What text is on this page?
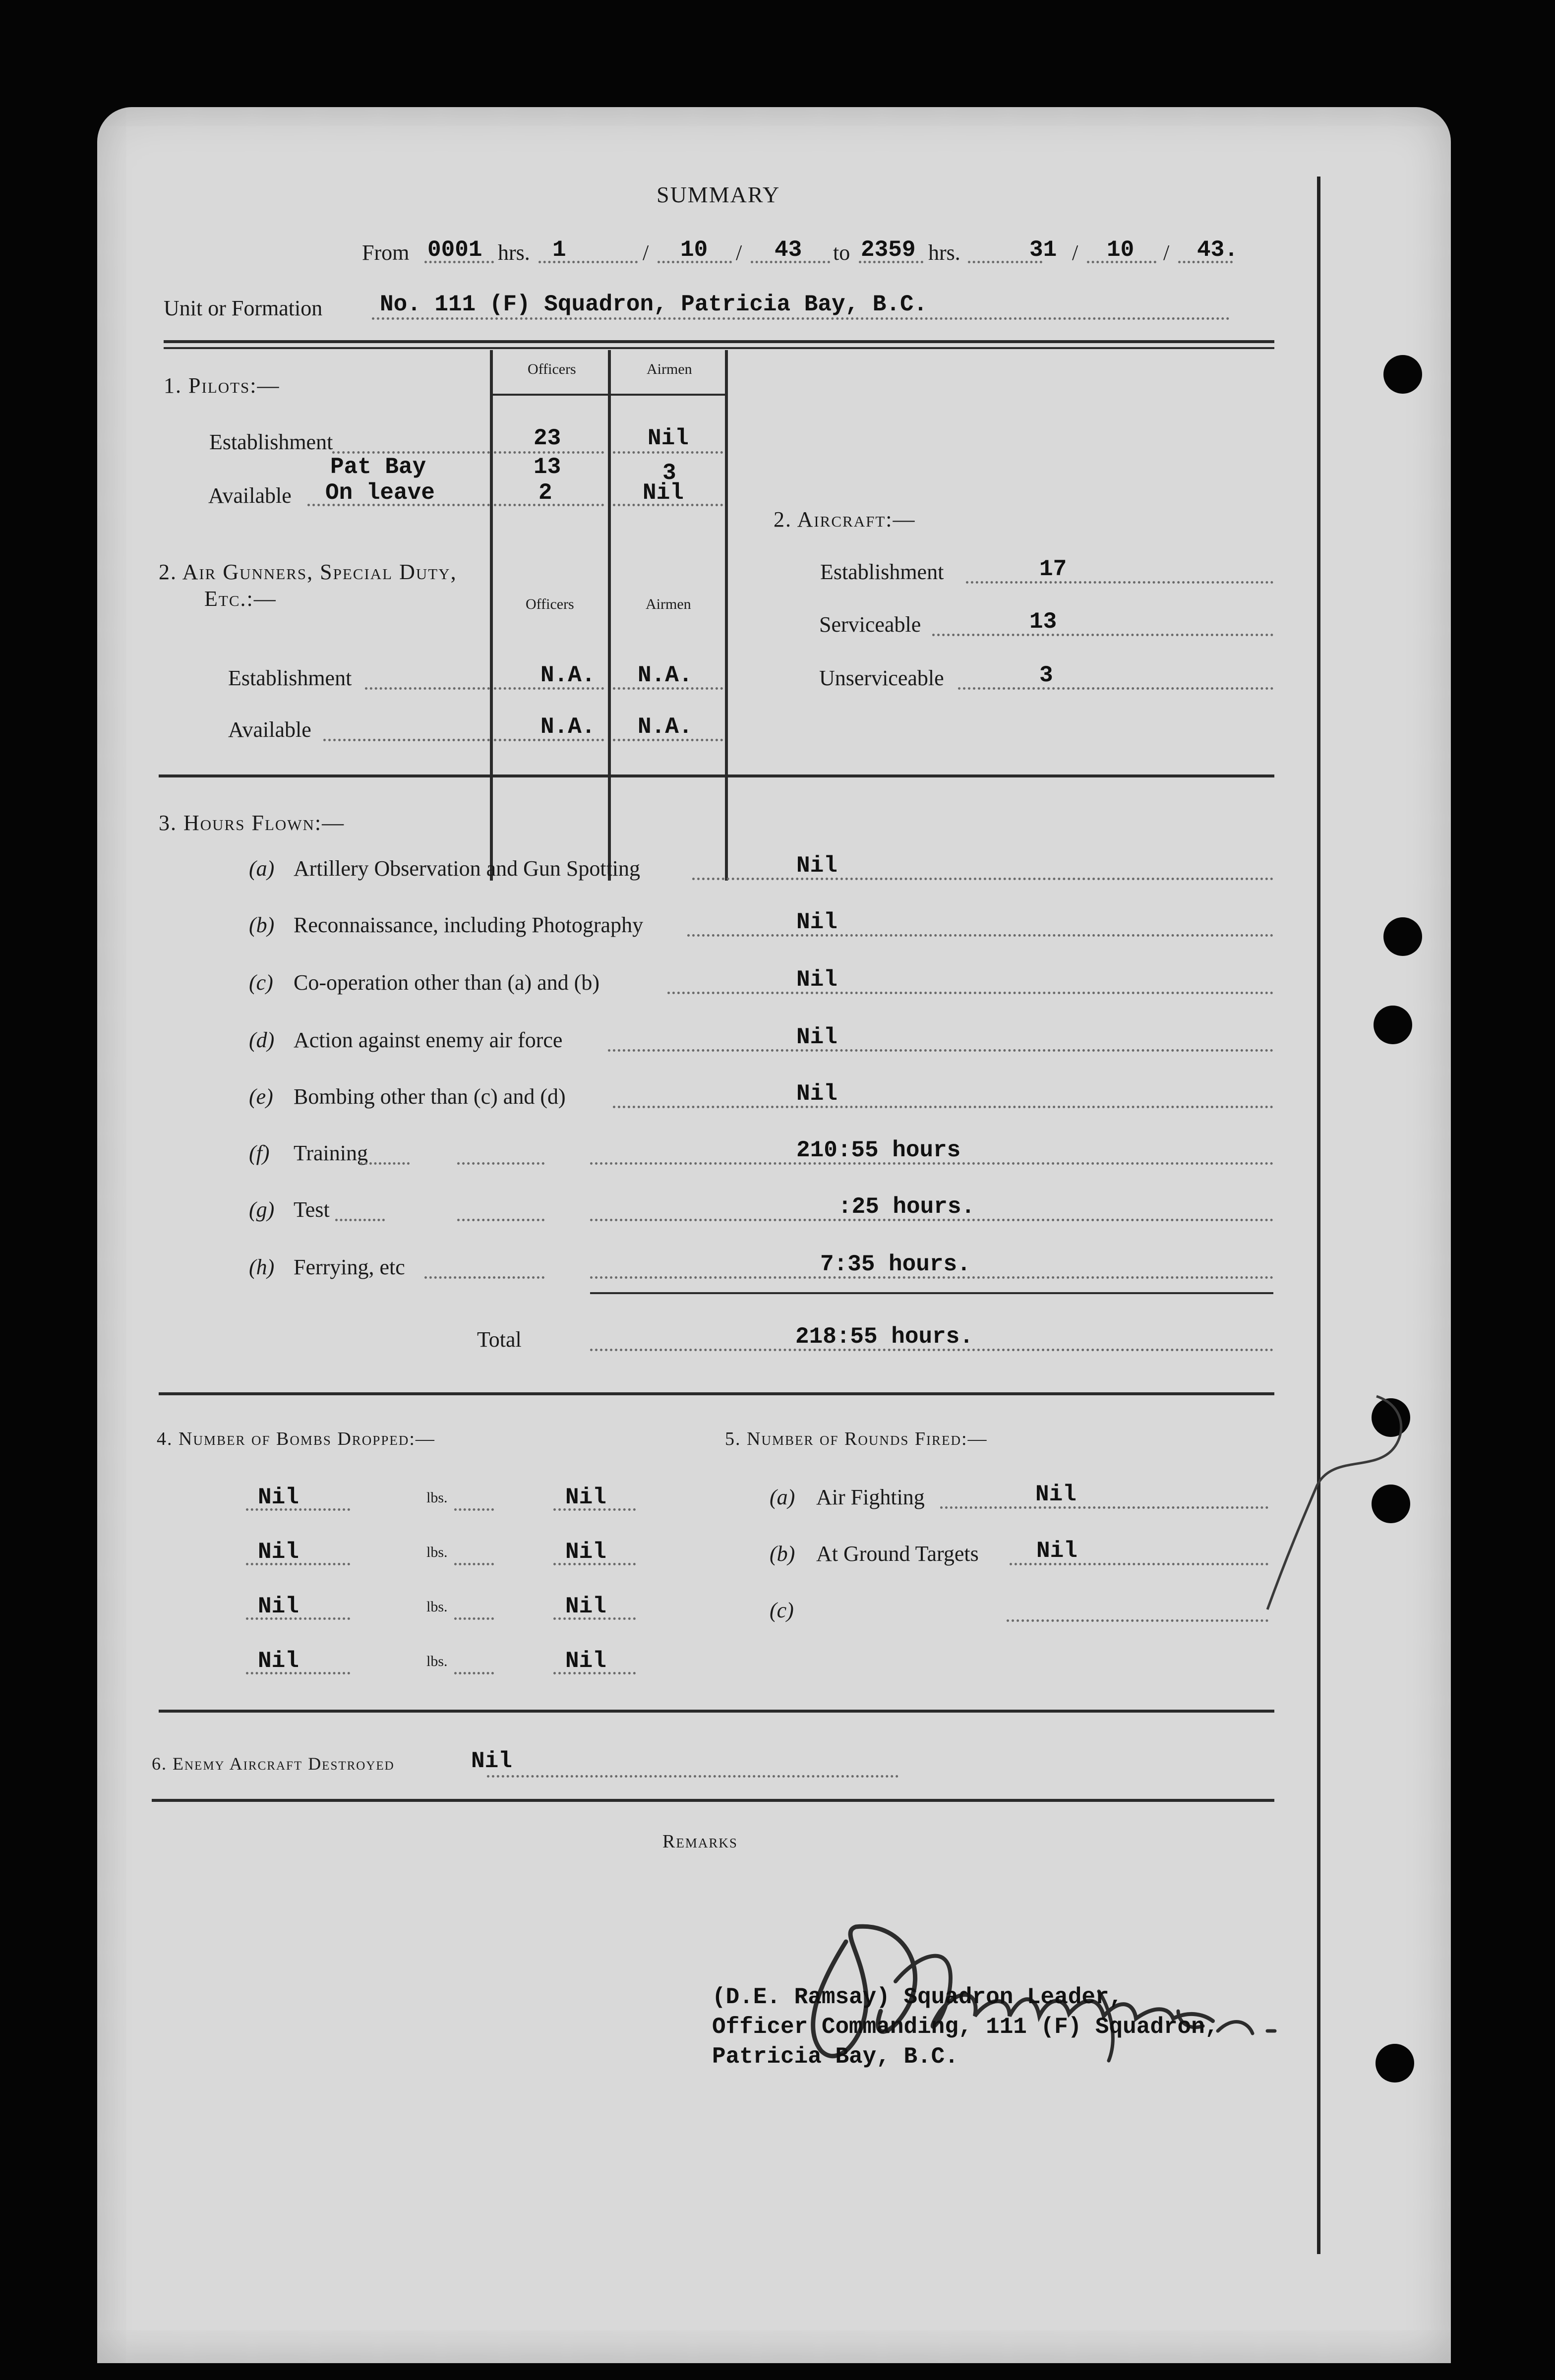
SUMMARY
From 0001 hrs. 1	/ 10 / 43 to 2359 hrs.	31 / 10 / 43.
Unit or Formation	No. 111 (F) Squadron, Patricia Bay, B.C.
1. Pilots:—
Officers	Airmen
Establishment	23	Nil
Pat Bay	13	3
Available On leave	2	Nil
2. Air Gunners, Special Duty,
Etc.:—	Officers	Airmen
Establishment	N.A. N.A.
Available	N.A. N.A.
2. Aircraft:—
Establishment	17
Serviceable	13
Unserviceable	3
3. Hours Flown:—
(a) Artillery Observation and Gun Spotting	Nil
(b) Reconnaissance, including Photography	Nil
(c) Co-operation other than (a) and (b)	Nil
(d) Action against enemy air force	Nil
(e) Bombing other than (c) and (d)	Nil
(f) Training	210:55 hours
(g) Test	:25 hours.
(h) Ferrying, etc	7:35 hours.
Total	218:55 hours.
4. Number of Bombs Dropped:—
Nil	lbs.	Nil
Nil	lbs.	Nil
Nil	lbs.	Nil
Nil	lbs.	Nil
5. Number of Rounds Fired:—
(a) Air Fighting	Nil
(b) At Ground Targets	Nil
(c)
6. Enemy Aircraft Destroyed	Nil
Remarks
(D.E. Ramsay) Squadron Leader,
Officer Commanding, 111 (F) Squadron,
Patricia Bay, B.C.
